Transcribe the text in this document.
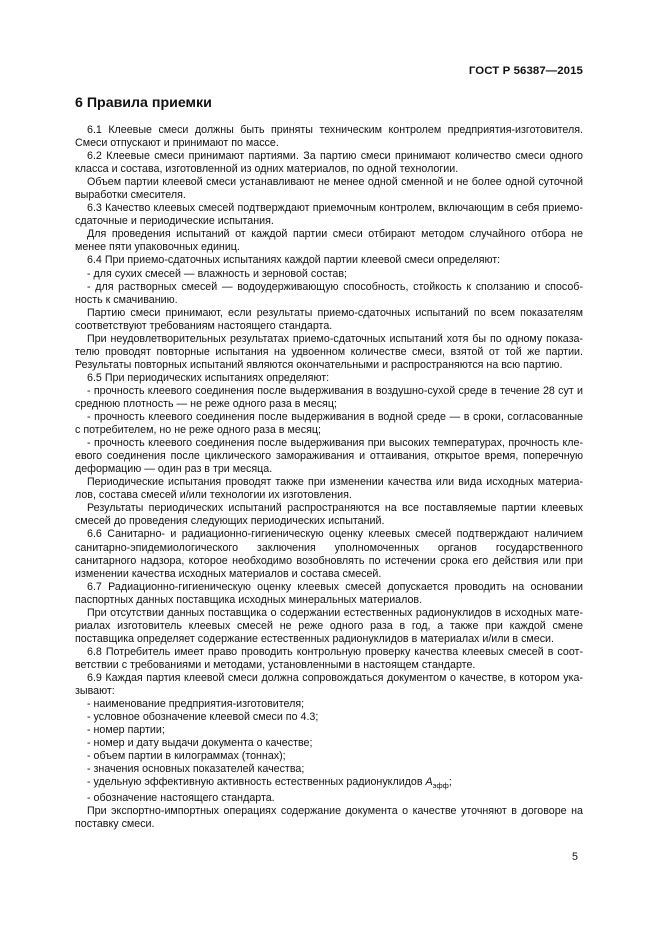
ГОСТ Р 56387—2015
6 Правила приемки

6.1 Клеевые смеси должны быть приняты техническим контролем предприятия-изготовителя. Смеси отпускают и принимают по массе.

6.2 Клеевые смеси принимают партиями. За партию смеси принимают количество смеси одного класса и состава, изготовленной из одних материалов, по одной технологии.

Объем партии клеевой смеси устанавливают не менее одной сменной и не более одной суточной выработки смесителя.

6.3 Качество клеевых смесей подтверждают приемочным контролем, включающим в себя приемо-сдаточные и периодические испытания.

Для проведения испытаний от каждой партии смеси отбирают методом случайного отбора не менее пяти упаковочных единиц.

6.4 При приемо-сдаточных испытаниях каждой партии клеевой смеси определяют:

- для сухих смесей — влажность и зерновой состав;

- для растворных смесей — водоудерживающую способность, стойкость к сползанию и способность к смачиванию.

Партию смеси принимают, если результаты приемо-сдаточных испытаний по всем показателям соответствуют требованиям настоящего стандарта.

При неудовлетворительных результатах приемо-сдаточных испытаний хотя бы по одному показателю проводят повторные испытания на удвоенном количестве смеси, взятой от той же партии. Результаты повторных испытаний являются окончательными и распространяются на всю партию.

6.5 При периодических испытаниях определяют:

- прочность клеевого соединения после выдерживания в воздушно-сухой среде в течение 28 сут и среднюю плотность — не реже одного раза в месяц;

- прочность клеевого соединения после выдерживания в водной среде — в сроки, согласованные с потребителем, но не реже одного раза в месяц;

- прочность клеевого соединения после выдерживания при высоких температурах, прочность клеевого соединения после циклического замораживания и оттаивания, открытое время, поперечную деформацию — один раз в три месяца.

Периодические испытания проводят также при изменении качества или вида исходных материалов, состава смесей и/или технологии их изготовления.

Результаты периодических испытаний распространяются на все поставляемые партии клеевых смесей до проведения следующих периодических испытаний.

6.6 Санитарно- и радиационно-гигиеническую оценку клеевых смесей подтверждают наличием санитарно-эпидемиологического заключения уполномоченных органов государственного санитарного надзора, которое необходимо возобновлять по истечении срока его действия или при изменении качества исходных материалов и состава смесей.

6.7 Радиационно-гигиеническую оценку клеевых смесей допускается проводить на основании паспортных данных поставщика исходных минеральных материалов.

При отсутствии данных поставщика о содержании естественных радионуклидов в исходных материалах изготовитель клеевых смесей не реже одного раза в год, а также при каждой смене поставщика определяет содержание естественных радионуклидов в материалах и/или в смеси.

6.8 Потребитель имеет право проводить контрольную проверку качества клеевых смесей в соответствии с требованиями и методами, установленными в настоящем стандарте.

6.9 Каждая партия клеевой смеси должна сопровождаться документом о качестве, в котором указывают:

- наименование предприятия-изготовителя;

- условное обозначение клеевой смеси по 4.3;

- номер партии;

- номер и дату выдачи документа о качестве;

- объем партии в килограммах (тоннах);

- значения основных показателей качества;

- удельную эффективную активность естественных радионуклидов $A_{эфф}$;

- обозначение настоящего стандарта.

При экспортно-импортных операциях содержание документа о качестве уточняют в договоре на поставку смеси.

5
